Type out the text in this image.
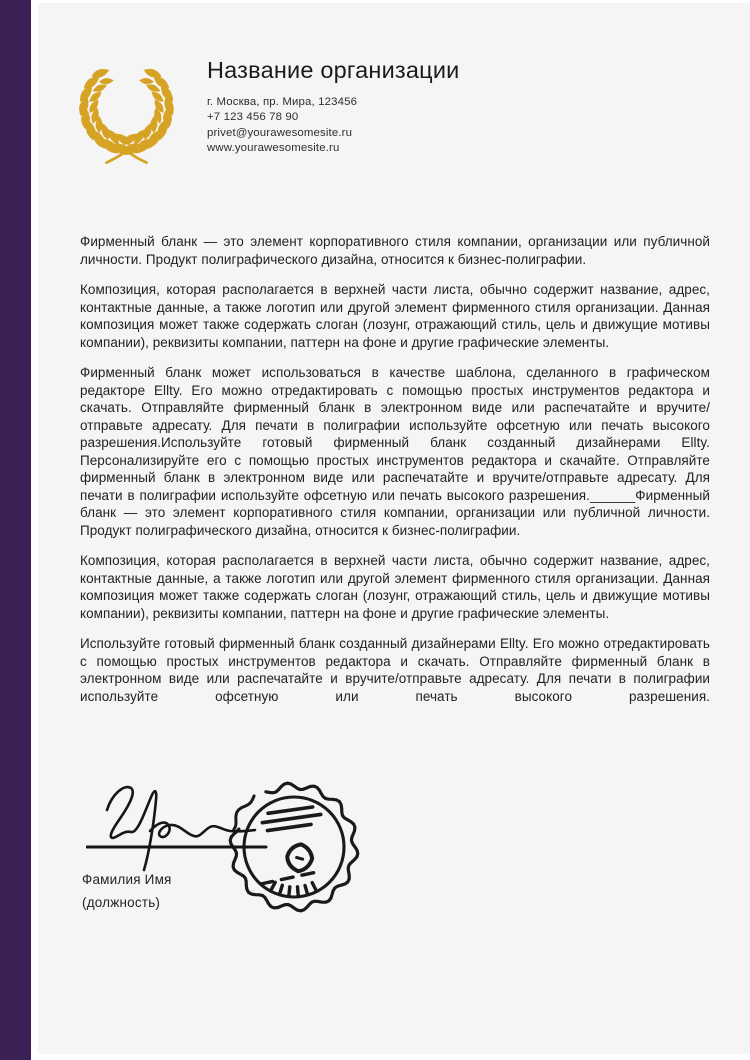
Название организации
г. Москва, пр. Мира, 123456
+7 123 456 78 90
privet@yourawesomesite.ru
www.yourawesomesite.ru

Фирменный бланк — это элемент корпоративного стиля компании, организации или публичной личности. Продукт полиграфического дизайна, относится к бизнес-полиграфии.

Композиция, которая располагается в верхней части листа, обычно содержит название, адрес, контактные данные, а также логотип или другой элемент фирменного стиля организации. Данная композиция может также содержать слоган (лозунг, отражающий стиль, цель и движущие мотивы компании), реквизиты компании, паттерн на фоне и другие графические элементы.

Фирменный бланк может использоваться в качестве шаблона, сделанного в графическом редакторе Ellty. Его можно отредактировать с помощью простых инструментов редактора и скачать. Отправляйте фирменный бланк в электронном виде или распечатайте и вручите/отправьте адресату. Для печати в полиграфии используйте офсетную или печать высокого разрешения.Используйте готовый фирменный бланк созданный дизайнерами Ellty. Персонализируйте его с помощью простых инструментов редактора и скачайте. Отправляйте фирменный бланк в электронном виде или распечатайте и вручите/отправьте адресату. Для печати в полиграфии используйте офсетную или печать высокого разрешения.______Фирменный бланк — это элемент корпоративного стиля компании, организации или публичной личности. Продукт полиграфического дизайна, относится к бизнес-полиграфии.

Композиция, которая располагается в верхней части листа, обычно содержит название, адрес, контактные данные, а также логотип или другой элемент фирменного стиля организации. Данная композиция может также содержать слоган (лозунг, отражающий стиль, цель и движущие мотивы компании), реквизиты компании, паттерн на фоне и другие графические элементы.

Используйте готовый фирменный бланк созданный дизайнерами Ellty. Его можно отредактировать с помощью простых инструментов редактора и скачать. Отправляйте фирменный бланк в электронном виде или распечатайте и вручите/отправьте адресату. Для печати в полиграфии используйте офсетную или печать высокого разрешения.

Фамилия Имя
(должность)
